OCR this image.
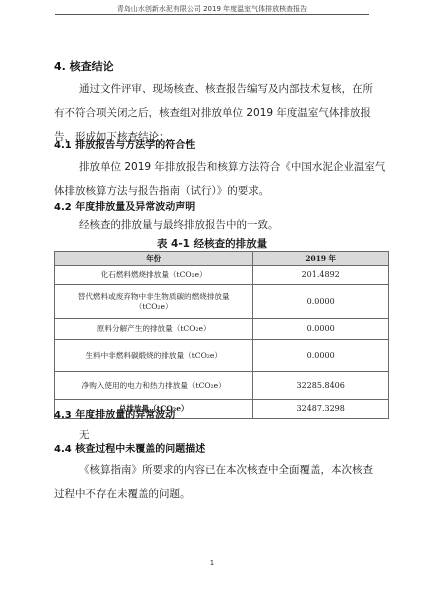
青岛山水创新水泥有限公司 2019 年度温室气体排放核查报告
4. 核查结论
通过文件评审、现场核查、核查报告编写及内部技术复核，在所
有不符合项关闭之后，核查组对排放单位 2019 年度温室气体排放报
告，形成如下核查结论：
4.1 排放报告与方法学的符合性
排放单位 2019 年排放报告和核算方法符合《中国水泥企业温室气
体排放核算方法与报告指南（试行）》的要求。
4.2 年度排放量及异常波动声明
经核查的排放量与最终排放报告中的一致。
表 4-1 经核查的排放量
年份	2019 年
化石燃料燃烧排放量（tCO₂e）	201.4892
替代燃料或废弃物中非生物质碳的燃烧排放量
（tCO₂e）	0.0000
原料分解产生的排放量（tCO₂e）	0.0000
生料中非燃料碳煅烧的排放量（tCO₂e）	0.0000
净购入使用的电力和热力排放量（tCO₂e）	32285.8406
总排放量（tCO₂e）	32487.3298
4.3 年度排放量的异常波动
无
4.4 核查过程中未覆盖的问题描述
《核算指南》所要求的内容已在本次核查中全面覆盖，本次核查
过程中不存在未覆盖的问题。
1
